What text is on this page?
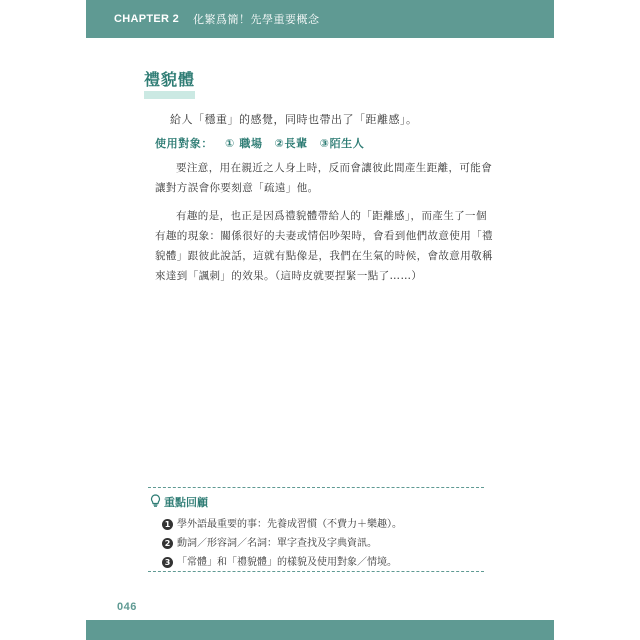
CHAPTER 2 化繁爲簡！先學重要概念
禮貌體
給人「穩重」的感覺，同時也帶出了「距離感」。
使用對象： ① 職場 ②長輩 ③陌生人

要注意，用在親近之人身上時，反而會讓彼此間產生距離，可能會讓對方誤會你要刻意「疏遠」他。

有趣的是，也正是因爲禮貌體帶給人的「距離感」，而產生了一個有趣的現象：關係很好的夫妻或情侶吵架時，會看到他們故意使用「禮貌體」跟彼此說話，這就有點像是，我們在生氣的時候，會故意用敬稱來達到「諷刺」的效果。（這時皮就要捏緊一點了……）

重點回顧
1 學外語最重要的事：先養成習慣（不費力＋樂趣）。
2 動詞／形容詞／名詞：單字查找及字典資訊。
3 「常體」和「禮貌體」的樣貌及使用對象／情境。
046
